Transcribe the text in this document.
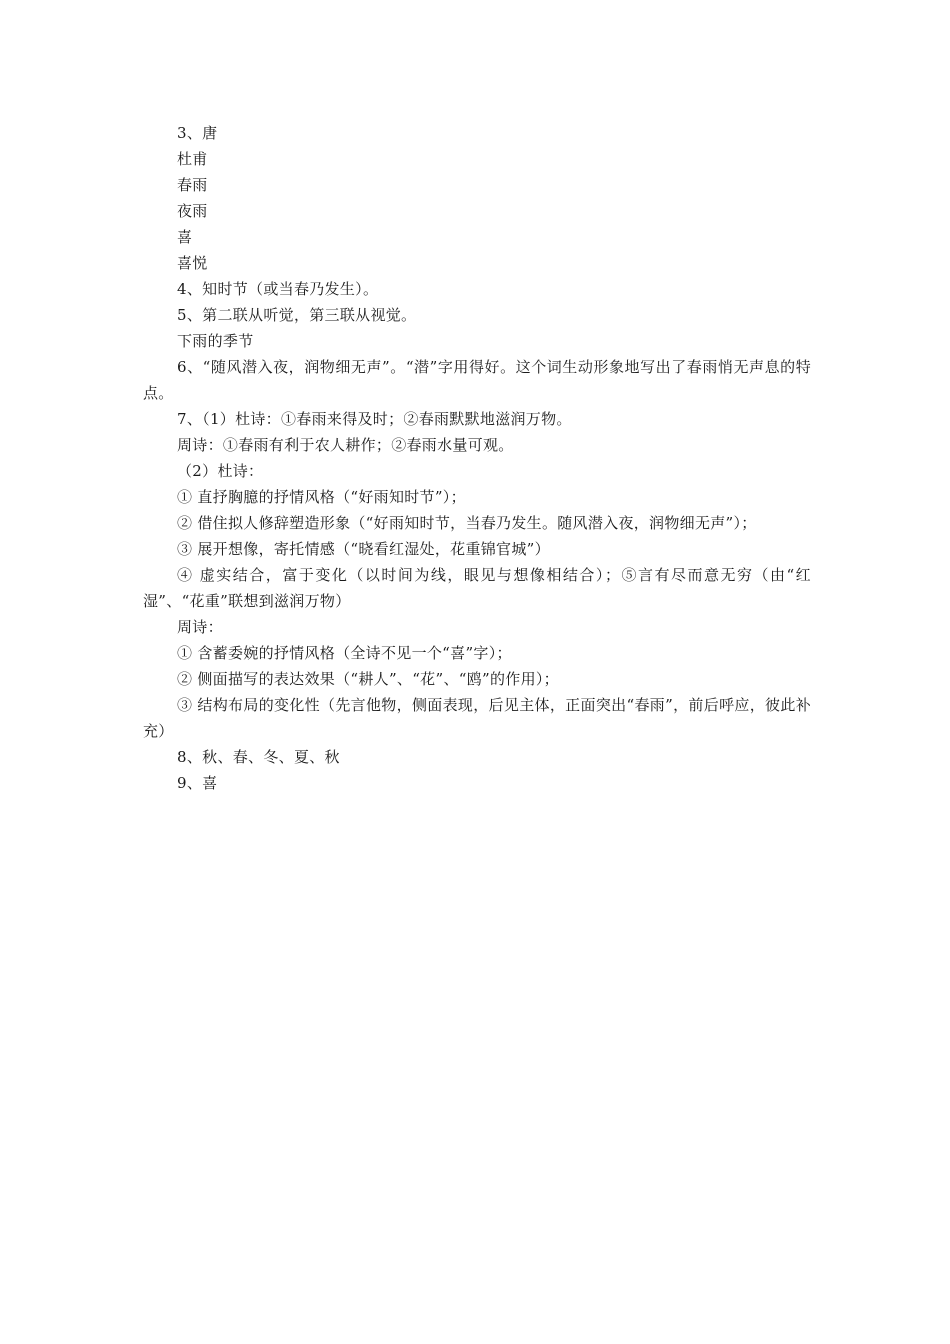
3、唐
杜甫
春雨
夜雨
喜
喜悦
4、知时节（或当春乃发生）。
5、第二联从听觉，第三联从视觉。
下雨的季节
6、“随风潜入夜，润物细无声”。“潜”字用得好。这个词生动形象地写出了春雨悄无声息的特点。
7、（1）杜诗：①春雨来得及时；②春雨默默地滋润万物。
周诗：①春雨有利于农人耕作；②春雨水量可观。
（2）杜诗：
① 直抒胸臆的抒情风格（“好雨知时节”）；
② 借住拟人修辞塑造形象（“好雨知时节，当春乃发生。随风潜入夜，润物细无声”）；
③ 展开想像，寄托情感（“晓看红湿处，花重锦官城”）
④ 虚实结合，富于变化（以时间为线，眼见与想像相结合）；⑤言有尽而意无穷（由“红湿”、“花重”联想到滋润万物）
周诗：
① 含蓄委婉的抒情风格（全诗不见一个“喜”字）；
② 侧面描写的表达效果（“耕人”、“花”、“鸥”的作用）；
③ 结构布局的变化性（先言他物，侧面表现，后见主体，正面突出“春雨”，前后呼应，彼此补充）
8、秋、春、冬、夏、秋
9、喜
